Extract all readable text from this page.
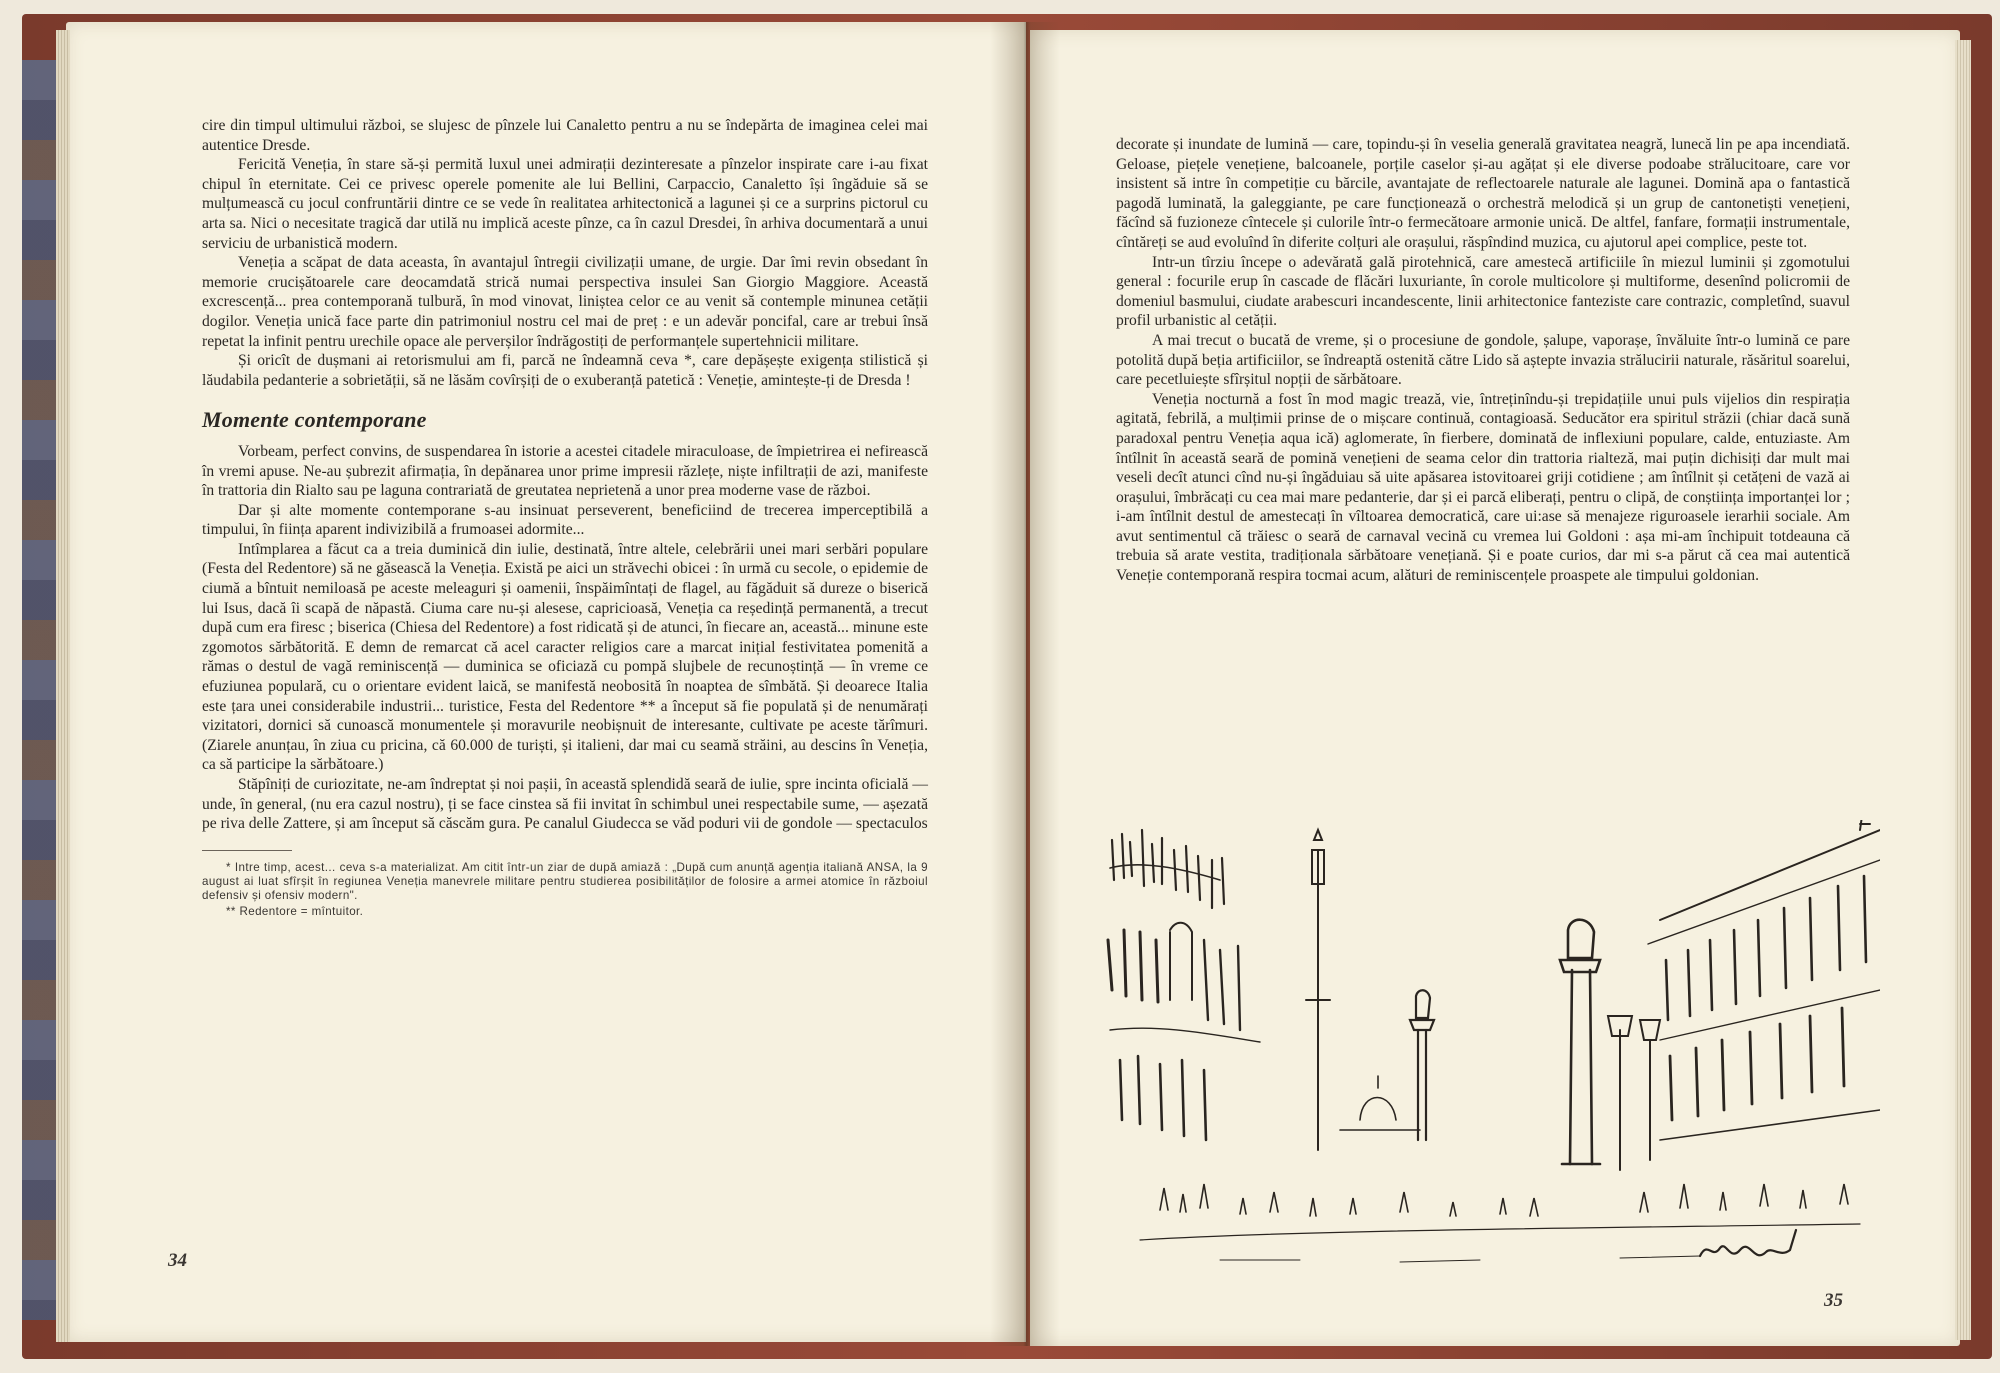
cire din timpul ultimului război, se slujesc de pînzele lui Canaletto pentru a nu se îndepărta de imaginea celei mai autentice Dresde.

Fericită Veneția, în stare să-și permită luxul unei admirații dezinteresate a pînzelor inspirate care i-au fixat chipul în eternitate. Cei ce privesc operele pomenite ale lui Bellini, Carpaccio, Canaletto își îngăduie să se mulțumească cu jocul confruntării dintre ce se vede în realitatea arhitectonică a lagunei și ce a surprins pictorul cu arta sa. Nici o necesitate tragică dar utilă nu implică aceste pînze, ca în cazul Dresdei, în arhiva documentară a unui serviciu de urbanistică modern.

Veneția a scăpat de data aceasta, în avantajul întregii civilizații umane, de urgie. Dar îmi revin obsedant în memorie crucișătoarele care deocamdată strică numai perspectiva insulei San Giorgio Maggiore. Această excrescență... prea contemporană tulbură, în mod vinovat, liniștea celor ce au venit să contemple minunea cetății dogilor. Veneția unică face parte din patrimoniul nostru cel mai de preț : e un adevăr poncifal, care ar trebui însă repetat la infinit pentru urechile opace ale perverșilor îndrăgostiți de performanțele supertehnicii militare.

Și oricît de dușmani ai retorismului am fi, parcă ne îndeamnă ceva *, care depășește exigența stilistică și lăudabila pedanterie a sobrietății, să ne lăsăm covîrșiți de o exuberanță patetică : Veneție, amintește-ți de Dresda !

Momente contemporane

Vorbeam, perfect convins, de suspendarea în istorie a acestei citadele miraculoase, de împietrirea ei nefirească în vremi apuse. Ne-au șubrezit afirmația, în depănarea unor prime impresii răzlețe, niște infiltrații de azi, manifeste în trattoria din Rialto sau pe laguna contrariată de greutatea neprietenă a unor prea moderne vase de război.

Dar și alte momente contemporane s-au insinuat perseverent, beneficiind de trecerea imperceptibilă a timpului, în ființa aparent indivizibilă a frumoasei adormite...

Intîmplarea a făcut ca a treia duminică din iulie, destinată, între altele, celebrării unei mari serbări populare (Festa del Redentore) să ne găsească la Veneția. Există pe aici un străvechi obicei : în urmă cu secole, o epidemie de ciumă a bîntuit nemiloasă pe aceste meleaguri și oamenii, înspăimîntați de flagel, au făgăduit să dureze o biserică lui Isus, dacă îi scapă de năpastă. Ciuma care nu-și alesese, capricioasă, Veneția ca reședință permanentă, a trecut după cum era firesc ; biserica (Chiesa del Redentore) a fost ridicată și de atunci, în fiecare an, această... minune este zgomotos sărbătorită. E demn de remarcat că acel caracter religios care a marcat inițial festivitatea pomenită a rămas o destul de vagă reminiscență — duminica se oficiază cu pompă slujbele de recunoștință — în vreme ce efuziunea populară, cu o orientare evident laică, se manifestă neobosită în noaptea de sîmbătă. Și deoarece Italia este țara unei considerabile industrii... turistice, Festa del Redentore ** a început să fie populată și de nenumărați vizitatori, dornici să cunoască monumentele și moravurile neobișnuit de interesante, cultivate pe aceste tărîmuri. (Ziarele anunțau, în ziua cu pricina, că 60.000 de turiști, și italieni, dar mai cu seamă străini, au descins în Veneția, ca să participe la sărbătoare.)

Stăpîniți de curiozitate, ne-am îndreptat și noi pașii, în această splendidă seară de iulie, spre incinta oficială — unde, în general, (nu era cazul nostru), ți se face cinstea să fii invitat în schimbul unei respectabile sume, — așezată pe riva delle Zattere, și am început să căscăm gura. Pe canalul Giudecca se văd poduri vii de gondole — spectaculos

* Intre timp, acest... ceva s-a materializat. Am citit într-un ziar de după amiază : „După cum anunță agenția italiană ANSA, la 9 august ai luat sfîrșit în regiunea Veneția manevrele militare pentru studierea posibilităților de folosire a armei atomice în războiul defensiv și ofensiv modern".

** Redentore = mîntuitor.

34

decorate și inundate de lumină — care, topindu-și în veselia generală gravitatea neagră, lunecă lin pe apa incendiată. Geloase, piețele venețiene, balcoanele, porțile caselor și-au agățat și ele diverse podoabe strălucitoare, care vor insistent să intre în competiție cu bărcile, avantajate de reflectoarele naturale ale lagunei. Domină apa o fantastică pagodă luminată, la galeggiante, pe care funcționează o orchestră melodică și un grup de cantonetiști venețieni, făcînd să fuzioneze cîntecele și culorile într-o fermecătoare armonie unică. De altfel, fanfare, formații instrumentale, cîntăreți se aud evoluînd în diferite colțuri ale orașului, răspîndind muzica, cu ajutorul apei complice, peste tot.

Intr-un tîrziu începe o adevărată gală pirotehnică, care amestecă artificiile în miezul luminii și zgomotului general : focurile erup în cascade de flăcări luxuriante, în corole multicolore și multiforme, desenînd policromii de domeniul basmului, ciudate arabescuri incandescente, linii arhitectonice fanteziste care contrazic, completînd, suavul profil urbanistic al cetății.

A mai trecut o bucată de vreme, și o procesiune de gondole, șalupe, vaporașe, învăluite într-o lumină ce pare potolită după beția artificiilor, se îndreaptă ostenită către Lido să aștepte invazia strălucirii naturale, răsăritul soarelui, care pecetluiește sfîrșitul nopții de sărbătoare.

Veneția nocturnă a fost în mod magic trează, vie, întreținîndu-și trepidațiile unui puls vijelios din respirația agitată, febrilă, a mulțimii prinse de o mișcare continuă, contagioasă. Seducător era spiritul străzii (chiar dacă sună paradoxal pentru Veneția aqua ică) aglomerate, în fierbere, dominată de inflexiuni populare, calde, entuziaste. Am întîlnit în această seară de pomină venețieni de seama celor din trattoria rialteză, mai puțin dichisiți dar mult mai veseli decît atunci cînd nu-și îngăduiau să uite apăsarea istovitoarei griji cotidiene ; am întîlnit și cetățeni de vază ai orașului, îmbrăcați cu cea mai mare pedanterie, dar și ei parcă eliberați, pentru o clipă, de conștiința importanței lor ; i-am întîlnit destul de amestecați în vîltoarea democratică, care ui:ase să menajeze riguroasele ierarhii sociale. Am avut sentimentul că trăiesc o seară de carnaval vecină cu vremea lui Goldoni : așa mi-am închipuit totdeauna că trebuia să arate vestita, tradiționala sărbătoare venețiană. Și e poate curios, dar mi s-a părut că cea mai autentică Veneție contemporană respira tocmai acum, alături de reminiscențele proaspete ale timpului goldonian.

35
